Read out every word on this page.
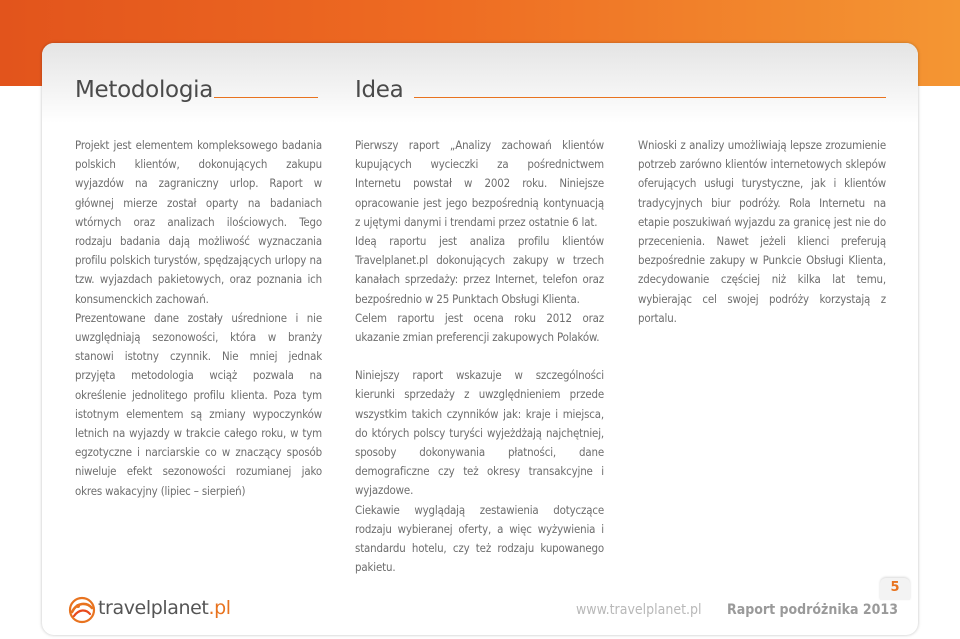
Metodologia	Idea

Projekt jest elementem kompleksowego badania polskich klientów, dokonujących zakupu wyjazdów na zagraniczny urlop. Raport w głównej mierze został oparty na badaniach wtórnych oraz analizach ilościowych. Tego rodzaju badania dają możliwość wyznaczania profilu polskich turystów, spędzających urlopy na tzw. wyjazdach pakietowych, oraz poznania ich konsumenckich zachowań.

Prezentowane dane zostały uśrednione i nie uwzględniają sezonowości, która w branży stanowi istotny czynnik. Nie mniej jednak przyjęta metodologia wciąż pozwala na określenie jednolitego profilu klienta. Poza tym istotnym elementem są zmiany wypoczynków letnich na wyjazdy w trakcie całego roku, w tym egzotyczne i narciarskie co w znaczący sposób niweluje efekt sezonowości rozumianej jako okres wakacyjny (lipiec – sierpień)

Pierwszy raport „Analizy zachowań klientów kupujących wycieczki za pośrednictwem Internetu powstał w 2002 roku. Niniejsze opracowanie jest jego bezpośrednią kontynuacją z ujętymi danymi i trendami przez ostatnie 6 lat.

Ideą raportu jest analiza profilu klientów Travelplanet.pl dokonujących zakupy w trzech kanałach sprzedaży: przez Internet, telefon oraz bezpośrednio w 25 Punktach Obsługi Klienta.

Celem raportu jest ocena roku 2012 oraz ukazanie zmian preferencji zakupowych Polaków.

Niniejszy raport wskazuje w szczególności kierunki sprzedaży z uwzględnieniem przede wszystkim takich czynników jak: kraje i miejsca, do których polscy turyści wyjeżdżają najchętniej, sposoby dokonywania płatności, dane demograficzne czy też okresy transakcyjne i wyjazdowe.

Ciekawie wyglądają zestawienia dotyczące rodzaju wybieranej oferty, a więc wyżywienia i standardu hotelu, czy też rodzaju kupowanego pakietu.

Wnioski z analizy umożliwiają lepsze zrozumienie potrzeb zarówno klientów internetowych sklepów oferujących usługi turystyczne, jak i klientów tradycyjnych biur podróży. Rola Internetu na etapie poszukiwań wyjazdu za granicę jest nie do przecenienia. Nawet jeżeli klienci preferują bezpośrednie zakupy w Punkcie Obsługi Klienta, zdecydowanie częściej niż kilka lat temu, wybierając cel swojej podróży korzystają z portalu.

5
travelplanet.pl	www.travelplanet.pl Raport podróżnika 2013
